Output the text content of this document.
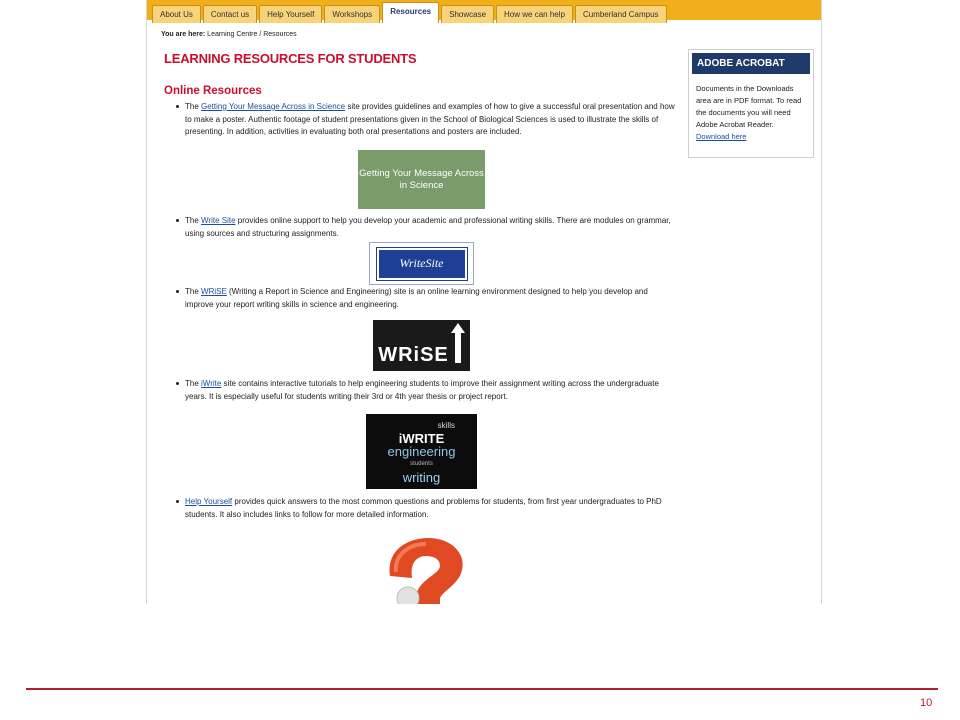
About Us	Contact us	Help Yourself	Workshops	Resources	Showcase	How we can help	Cumberland Campus
You are here: Learning Centre / Resources
LEARNING RESOURCES FOR STUDENTS
Online Resources
The Getting Your Message Across in Science site provides guidelines and examples of how to give a successful oral presentation and how to make a poster. Authentic footage of student presentations given in the School of Biological Sciences is used to illustrate the skills of presenting. In addition, activities in evaluating both oral presentations and posters are included.
Getting Your Message Across in Science
The Write Site provides online support to help you develop your academic and professional writing skills. There are modules on grammar, using sources and structuring assignments.
WriteSite
The WRiSE (Writing a Report in Science and Engineering) site is an online learning environment designed to help you develop and improve your report writing skills in science and engineering.
WRiSE
The iWrite site contains interactive tutorials to help engineering students to improve their assignment writing across the undergraduate years. It is especially useful for students writing their 3rd or 4th year thesis or project report.
skills
iWRITE
engineering
students
writing
Help Yourself provides quick answers to the most common questions and problems for students, from first year undergraduates to PhD students. It also includes links to follow for more detailed information.
ADOBE ACROBAT
Documents in the Downloads area are in PDF format. To read the documents you will need Adobe Acrobat Reader. Download here
10
